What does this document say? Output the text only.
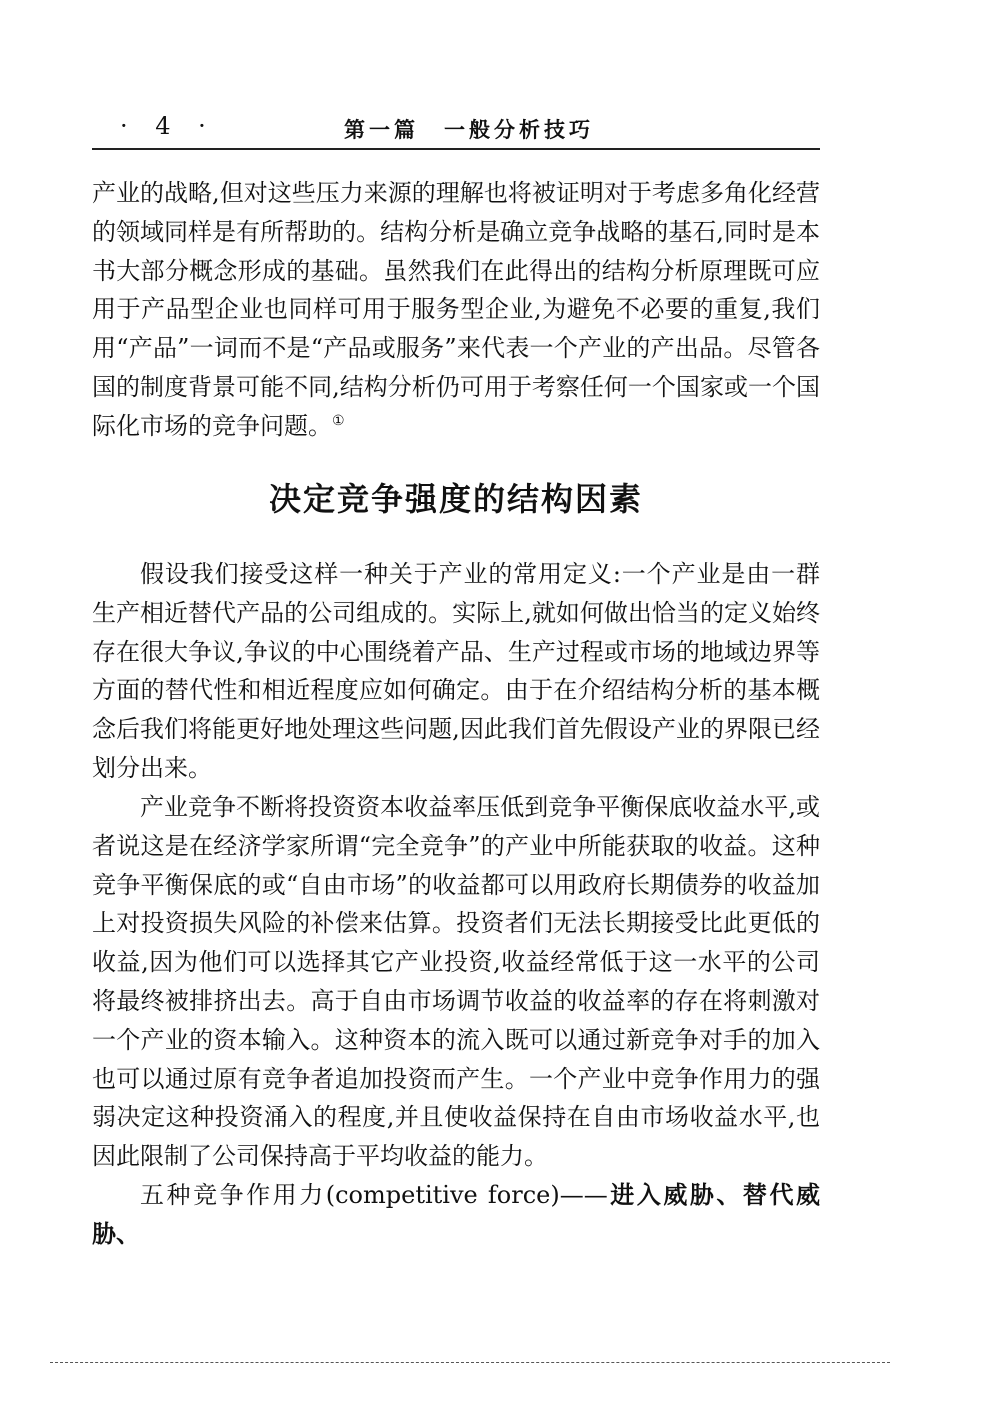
· 4 ·	第一篇　一般分析技巧

产业的战略,但对这些压力来源的理解也将被证明对于考虑多角化经营的领域同样是有所帮助的。结构分析是确立竞争战略的基石,同时是本书大部分概念形成的基础。虽然我们在此得出的结构分析原理既可应用于产品型企业也同样可用于服务型企业,为避免不必要的重复,我们用“产品”一词而不是“产品或服务”来代表一个产业的产出品。尽管各国的制度背景可能不同,结构分析仍可用于考察任何一个国家或一个国际化市场的竞争问题。①

决定竞争强度的结构因素

假设我们接受这样一种关于产业的常用定义:一个产业是由一群生产相近替代产品的公司组成的。实际上,就如何做出恰当的定义始终存在很大争议,争议的中心围绕着产品、生产过程或市场的地域边界等方面的替代性和相近程度应如何确定。由于在介绍结构分析的基本概念后我们将能更好地处理这些问题,因此我们首先假设产业的界限已经划分出来。

产业竞争不断将投资资本收益率压低到竞争平衡保底收益水平,或者说这是在经济学家所谓“完全竞争”的产业中所能获取的收益。这种竞争平衡保底的或“自由市场”的收益都可以用政府长期债券的收益加上对投资损失风险的补偿来估算。投资者们无法长期接受比此更低的收益,因为他们可以选择其它产业投资,收益经常低于这一水平的公司将最终被排挤出去。高于自由市场调节收益的收益率的存在将刺激对一个产业的资本输入。这种资本的流入既可以通过新竞争对手的加入也可以通过原有竞争者追加投资而产生。一个产业中竞争作用力的强弱决定这种投资涌入的程度,并且使收益保持在自由市场收益水平,也因此限制了公司保持高于平均收益的能力。

五种竞争作用力(competitive force)——进入威胁、替代威胁、
